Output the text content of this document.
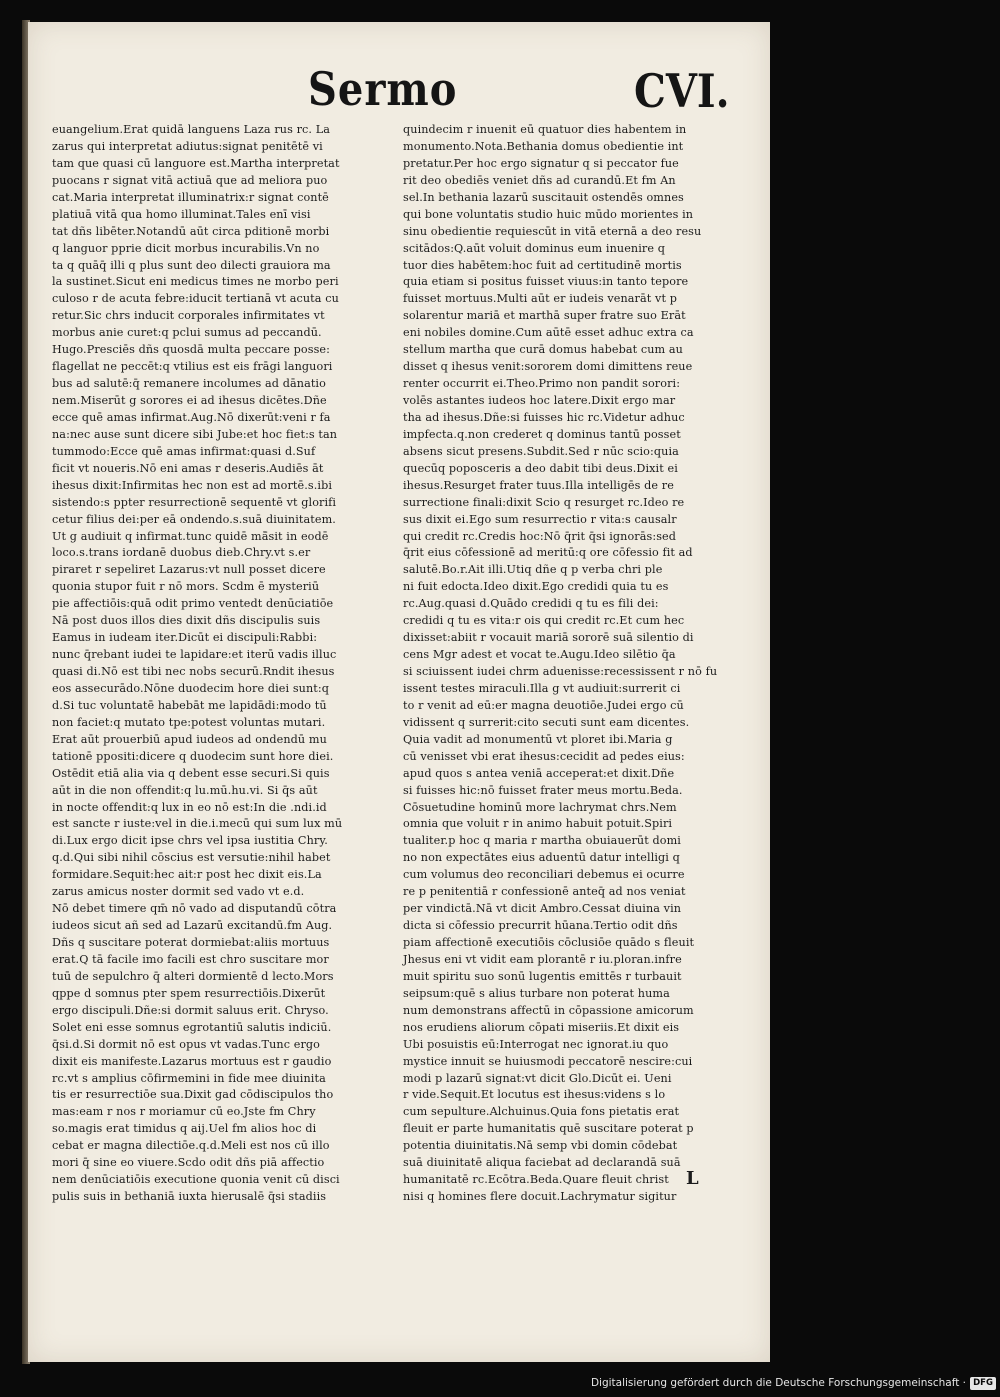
Sermo	CVI.
euangelium.Erat quidā languens Laza rus rc. La
zarus qui interpretat adiutus:signat penitētē vi
tam que quasi cū languore est.Martha interpretat
puocans r signat vitā actiuā que ad meliora puo
cat.Maria interpretat illuminatrix:r signat contē
platiuā vitā qua homo illuminat.Tales enī visi
tat dñs libēter.Notandū aūt circa pditionē morbi
q languor pprie dicit morbus incurabilis.Vn no
ta q quāq̄ illi q plus sunt deo dilecti grauiora ma
la sustinet.Sicut eni medicus times ne morbo peri
culoso r de acuta febre:iducit tertianā vt acuta cu
retur.Sic chrs inducit corporales infirmitates vt
morbus anie curet:q pclui sumus ad peccandū.
Hugo.Presciēs dñs quosdā multa peccare posse:
flagellat ne peccēt:q vtilius est eis frāgi languori
bus ad salutē:q̄ remanere incolumes ad dānatio
nem.Miserūt g sorores ei ad ihesus dicētes.Dñe
ecce quē amas infirmat.Aug.Nō dixerūt:veni r fa
na:nec ause sunt dicere sibi Jube:et hoc fiet:s tan
tummodo:Ecce quē amas infirmat:quasi d.Suf
ficit vt noueris.Nō eni amas r deseris.Audiēs āt
ihesus dixit:Infirmitas hec non est ad mortē.s.ibi
sistendo:s ppter resurrectionē sequentē vt glorifi
cetur filius dei:per eā ondendo.s.suā diuinitatem.
Ut g audiuit q infirmat.tunc quidē mā̄sit in eodē
loco.s.trans iordanē duobus dieb.Chry.vt s.er
piraret r sepeliret Lazarus:vt null posset dicere
quonia stupor fuit r nō mors. Scdm ē mysteriū
pie affectiōis:quā odit primo ventedt denūciatiōe
Nā post duos illos dies dixit dñs discipulis suis
Eamus in iudeam iter.Dicūt ei discipuli:Rabbi:
nunc q̄rebant iudei te lapidare:et iterū vadis illuc
quasi di.Nō est tibi nec nobs securū.Rndit ihesus
eos assecurādo.Nōne duodecim hore diei sunt:q
d.Si tuc voluntatē habebāt me lapidādi:modo tū
non faciet:q mutato tpe:potest voluntas mutari.
Erat aūt prouerbiū apud iudeos ad ondendū mu
tationē ppositi:dicere q duodecim sunt hore diei.
Ostēdit etiā alia via q debent esse securi.Si quis
aūt in die non offendit:q lu.mū.hu.vi. Si q̄s aūt
in nocte offendit:q lux in eo nō est:In die .ndi.id
est sancte r iuste:vel in die.i.mecū qui sum lux mū
di.Lux ergo dicit ipse chrs vel ipsa iustitia Chry.
q.d.Qui sibi nihil cōscius est versutie:nihil habet
formidare.Sequit:hec ait:r post hec dixit eis.La
zarus amicus noster dormit sed vado vt e.d.
Nō debet timere qm̄ nō vado ad disputandū cōtra
iudeos sicut añ sed ad Lazarū excitandū.fm Aug.
Dñs q suscitare poterat dormiebat:aliis mortuus
erat.Q tā facile imo facili est chro suscitare mor
tuū de sepulchro q̄ alteri dormientē d lecto.Mors
qppe d somnus pter spem resurrectiōis.Dixerūt
ergo discipuli.Dñe:si dormit saluus erit. Chryso.
Solet eni esse somnus egrotantiū salutis indiciū.
q̄si.d.Si dormit nō est opus vt vadas.Tunc ergo
dixit eis manifeste.Lazarus mortuus est r gaudio
rc.vt s amplius cōfirmemini in fide mee diuinita
tis er resurrectiōe sua.Dixit gad cōdiscipulos tho
mas:eam r nos r moriamur cū eo.Jste fm Chry
so.magis erat timidus q aij.Uel fm alios hoc di
cebat er magna dilectiōe.q.d.Meli est nos cū illo
mori q̄ sine eo viuere.Scdo odit dñs piā affectio
nem denūciatiōis executione quonia venit cū disci
pulis suis in bethaniā iuxta hierusalē q̄si stadiis
quindecim r inuenit eū quatuor dies habentem in
monumento.Nota.Bethania domus obedientie int
pretatur.Per hoc ergo signatur q si peccator fue
rit deo obediēs veniet dñs ad curandū.Et fm An
sel.In bethania lazarū suscitauit ostendēs omnes
qui bone voluntatis studio huic mūdo morientes in
sinu obedientie requiescūt in vitā eternā a deo resu
scitādos:Q.aūt voluit dominus eum inuenire q
tuor dies habētem:hoc fuit ad certitudinē mortis
quia etiam si positus fuisset viuus:in tanto tepore
fuisset mortuus.Multi aūt er iudeis venarāt vt p
solarentur mariā et marthā super fratre suo Erāt
eni nobiles domine.Cum aūtē esset adhuc extra ca
stellum martha que curā domus habebat cum au
disset q ihesus venit:sororem domi dimittens reue
renter occurrit ei.Theo.Primo non pandit sorori:
volēs astantes iudeos hoc latere.Dixit ergo mar
tha ad ihesus.Dñe:si fuisses hic rc.Videtur adhuc
impfecta.q.non crederet q dominus tantū posset
absens sicut presens.Subdit.Sed r nūc scio:quia
quecūq poposceris a deo dabit tibi deus.Dixit ei
ihesus.Resurget frater tuus.Illa intelligēs de re
surrectione finali:dixit Scio q resurget rc.Ideo re
sus dixit ei.Ego sum resurrectio r vita:s causalr
qui credit rc.Credis hoc:Nō q̄rit q̄si ignorās:sed
q̄rit eius cōfessionē ad meritū:q ore cōfessio fit ad
salutē.Bo.r.Ait illi.Utiq dñe q p verba chri ple
ni fuit edocta.Ideo dixit.Ego credidi quia tu es
rc.Aug.quasi d.Quādo credidi q tu es fili dei:
credidi q tu es vita:r ois qui credit rc.Et cum hec
dixisset:abiit r vocauit mariā sororē suā silentio di
cens Mgr adest et vocat te.Augu.Ideo silētio q̄a
si sciuissent iudei chrm aduenisse:recessissent r nō fu
issent testes miraculi.Illa g vt audiuit:surrerit ci
to r venit ad eū:er magna deuotiōe.Judei ergo cū
vidissent q surrerit:cito secuti sunt eam dicentes.
Quia vadit ad monumentū vt ploret ibi.Maria g
cū venisset vbi erat ihesus:cecidit ad pedes eius:
apud quos s antea veniā acceperat:et dixit.Dñe
si fuisses hic:nō fuisset frater meus mortu.Beda.
Cōsuetudine hominū more lachrymat chrs.Nem
omnia que voluit r in animo habuit potuit.Spiri
tualiter.p hoc q maria r martha obuiauerūt domi
no non expectātes eius aduentū datur intelligi q
cum volumus deo reconciliari debemus ei ocurre
re p penitentiā r confessionē anteq̄ ad nos veniat
per vindictā.Nā vt dicit Ambro.Cessat diuina vin
dicta si cōfessio precurrit hūana.Tertio odit dñs
piam affectionē executiōis cōclusiōe quādo s fleuit
Jhesus eni vt vidit eam plorantē r iu.ploran.infre
muit spiritu suo sonū lugentis emittēs r turbauit
seipsum:quē s alius turbare non poterat huma
num demonstrans affectū in cōpassione amicorum
nos erudiens aliorum cōpati miseriis.Et dixit eis
Ubi posuistis eū:Interrogat nec ignorat.iu quo
mystice innuit se huiusmodi peccatorē nescire:cui
modi p lazarū signat:vt dicit Glo.Dicūt ei. Ueni
r vide.Sequit.Et locutus est ihesus:videns s lo
cum sepulture.Alchuinus.Quia fons pietatis erat
fleuit er parte humanitatis quē suscitare poterat p
potentia diuinitatis.Nā semp vbi domin cōdebat
suā diuinitatē aliqua faciebat ad declarandā suā
humanitatē rc.Ecōtra.Beda.Quare fleuit christ
nisi q homines flere docuit.Lachrymatur sigitur
L
Digitalisierung gefördert durch die Deutsche Forschungsgemeinschaft · DFG
